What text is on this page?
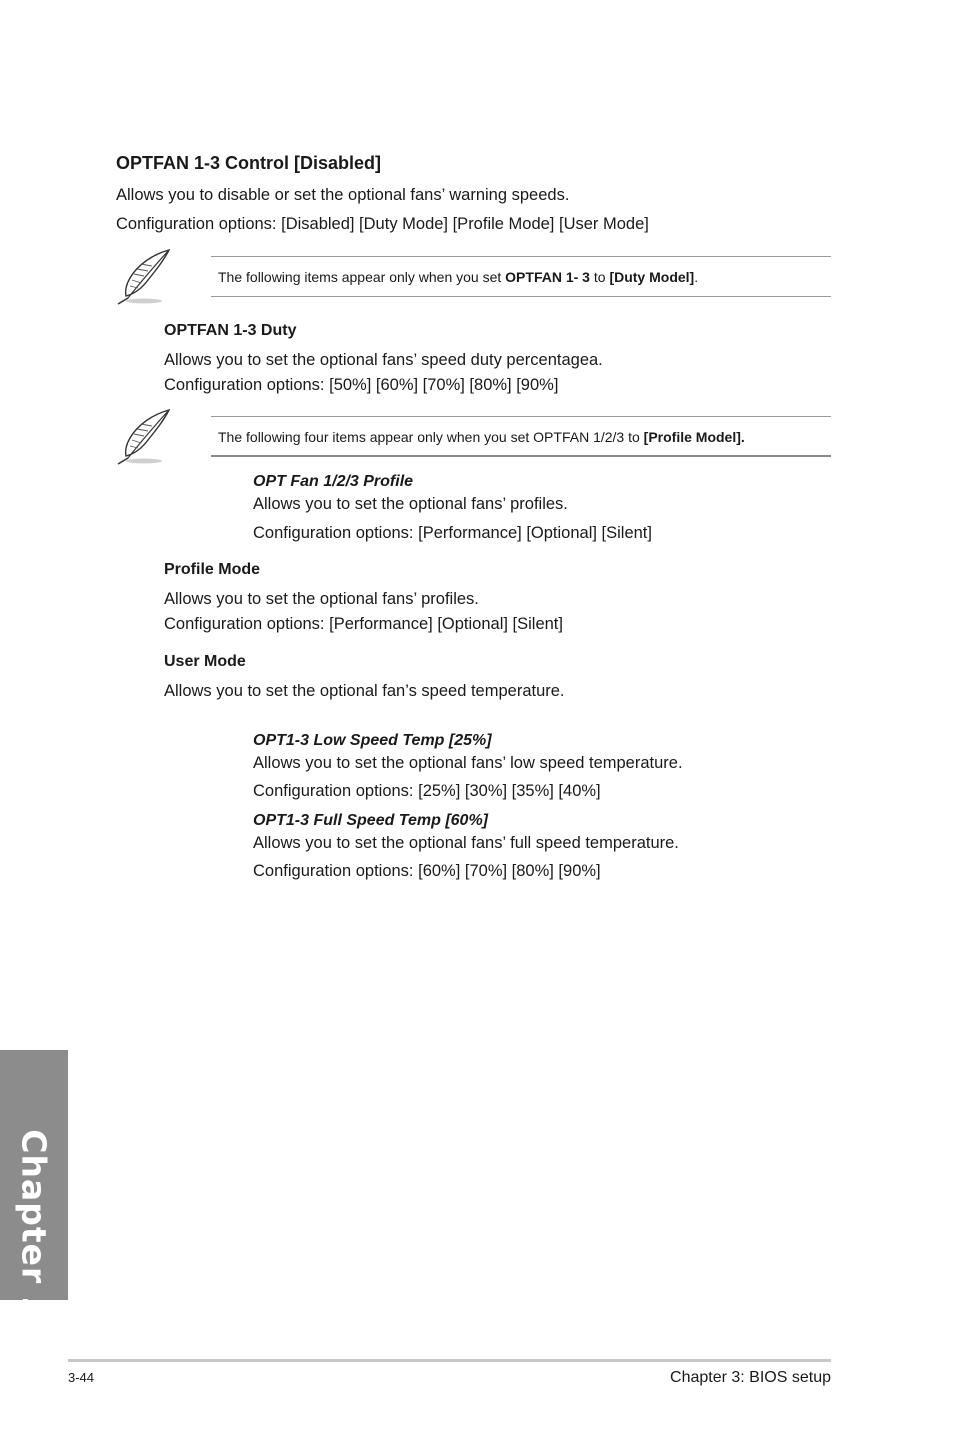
OPTFAN 1-3 Control [Disabled]
Allows you to disable or set the optional fans’ warning speeds.
Configuration options: [Disabled] [Duty Mode] [Profile Mode] [User Mode]
The following items appear only when you set OPTFAN 1- 3 to [Duty Model].
OPTFAN 1-3 Duty
Allows you to set the optional fans’ speed duty percentagea.
Configuration options: [50%] [60%] [70%] [80%] [90%]
The following four items appear only when you set OPTFAN 1/2/3 to [Profile Model].
OPT Fan 1/2/3 Profile
Allows you to set the optional fans’ profiles.
Configuration options: [Performance] [Optional] [Silent]
Profile Mode
Allows you to set the optional fans’ profiles.
Configuration options: [Performance] [Optional] [Silent]
User Mode
Allows you to set the optional fan’s speed temperature.
OPT1-3 Low Speed Temp [25%]
Allows you to set the optional fans’ low speed temperature.
Configuration options: [25%] [30%] [35%] [40%]
OPT1-3 Full Speed Temp [60%]
Allows you to set the optional fans’ full speed temperature.
Configuration options: [60%] [70%] [80%] [90%]
Chapter 3
3-44	Chapter 3: BIOS setup
